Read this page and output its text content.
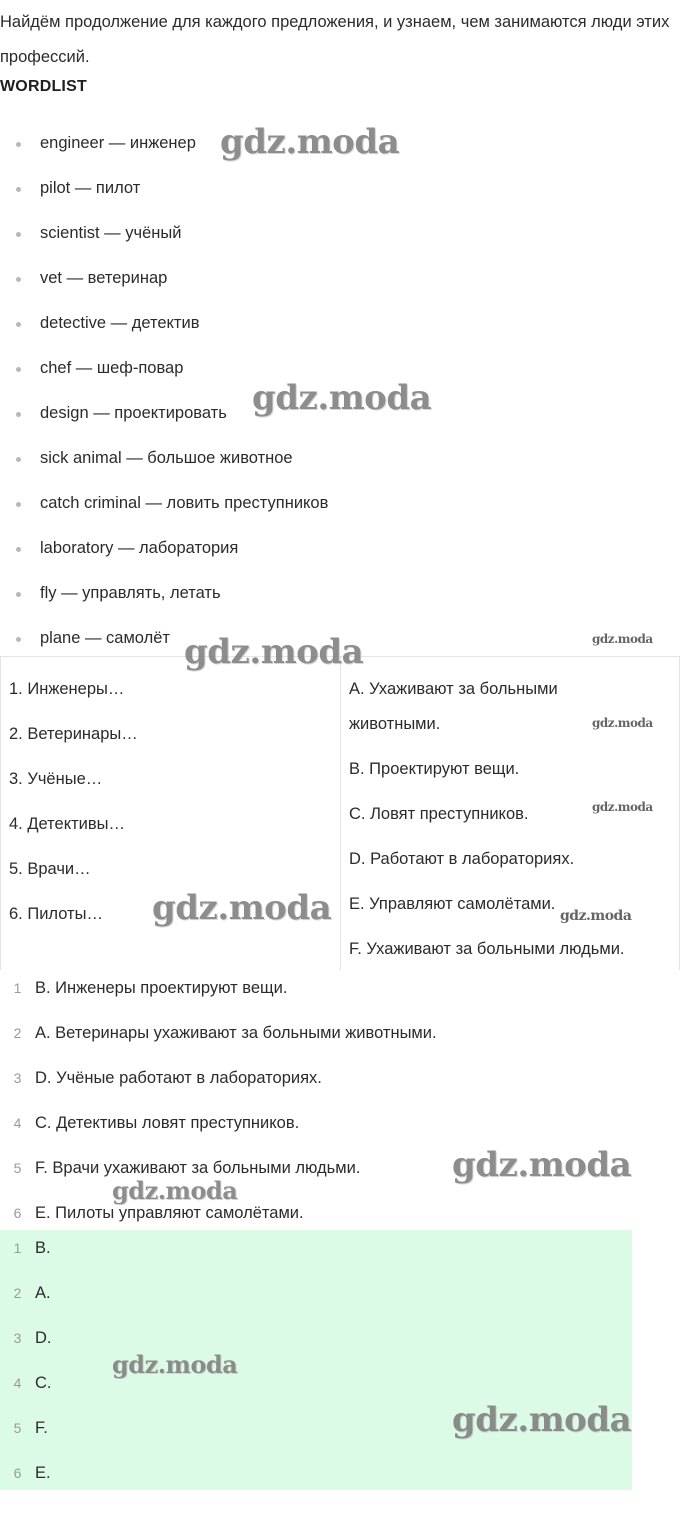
Найдём продолжение для каждого предложения, и узнаем, чем занимаются люди этих профессий.

WORDLIST
engineer — инженер
pilot — пилот
scientist — учёный
vet — ветеринар
detective — детектив
chef — шеф-повар
design — проектировать
sick animal — большое животное
catch criminal — ловить преступников
laboratory — лаборатория
fly — управлять, летать
plane — самолёт
1. Инженеры…
2. Ветеринары…
3. Учёные…
4. Детективы…
5. Врачи…
6. Пилоты…
A. Ухаживают за больными животными.
B. Проектируют вещи.
C. Ловят преступников.
D. Работают в лабораториях.
E. Управляют самолётами.
F. Ухаживают за больными людьми.
1 B. Инженеры проектируют вещи.
2 A. Ветеринары ухаживают за больными животными.
3 D. Учёные работают в лабораториях.
4 C. Детективы ловят преступников.
5 F. Врачи ухаживают за больными людьми.
6 E. Пилоты управляют самолётами.
1 B.
2 A.
3 D.
4 C.
5 F.
6 E.
gdz.moda
gdz.moda
gdz.moda	gdz.moda
gdz.moda
gdz.moda
gdz.moda	gdz.moda
gdz.moda
gdz.moda
gdz.moda
gdz.moda
